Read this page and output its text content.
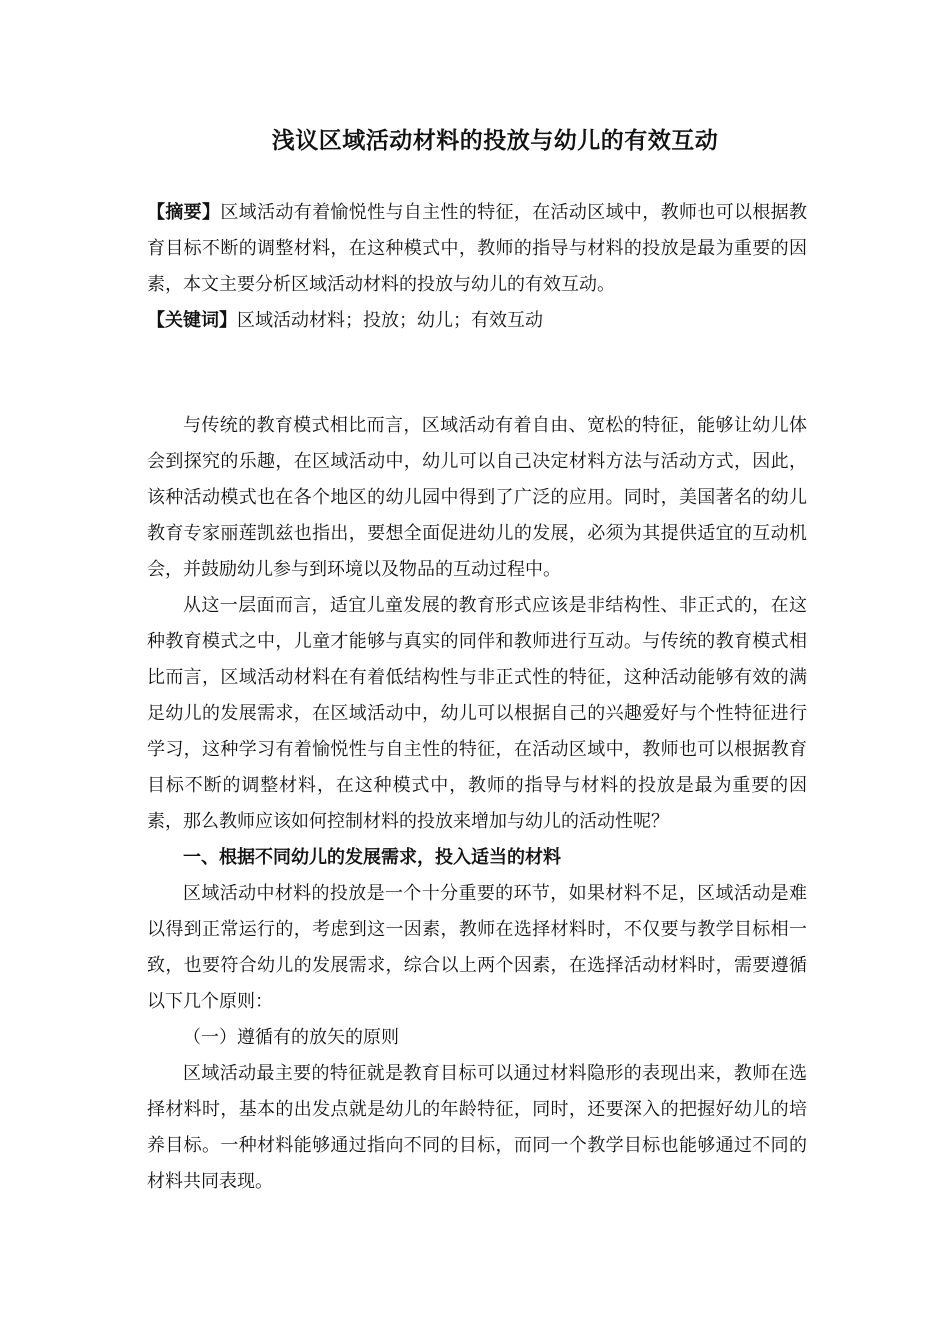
浅议区域活动材料的投放与幼儿的有效互动
【摘要】区域活动有着愉悦性与自主性的特征，在活动区域中，教师也可以根据教育目标不断的调整材料，在这种模式中，教师的指导与材料的投放是最为重要的因素，本文主要分析区域活动材料的投放与幼儿的有效互动。
【关键词】区域活动材料；投放；幼儿；有效互动

与传统的教育模式相比而言，区域活动有着自由、宽松的特征，能够让幼儿体会到探究的乐趣，在区域活动中，幼儿可以自己决定材料方法与活动方式，因此，该种活动模式也在各个地区的幼儿园中得到了广泛的应用。同时，美国著名的幼儿教育专家丽莲凯兹也指出，要想全面促进幼儿的发展，必须为其提供适宜的互动机会，并鼓励幼儿参与到环境以及物品的互动过程中。

从这一层面而言，适宜儿童发展的教育形式应该是非结构性、非正式的，在这种教育模式之中，儿童才能够与真实的同伴和教师进行互动。与传统的教育模式相比而言，区域活动材料在有着低结构性与非正式性的特征，这种活动能够有效的满足幼儿的发展需求，在区域活动中，幼儿可以根据自己的兴趣爱好与个性特征进行学习，这种学习有着愉悦性与自主性的特征，在活动区域中，教师也可以根据教育目标不断的调整材料，在这种模式中，教师的指导与材料的投放是最为重要的因素，那么教师应该如何控制材料的投放来增加与幼儿的活动性呢？

一、根据不同幼儿的发展需求，投入适当的材料

区域活动中材料的投放是一个十分重要的环节，如果材料不足，区域活动是难以得到正常运行的，考虑到这一因素，教师在选择材料时，不仅要与教学目标相一致，也要符合幼儿的发展需求，综合以上两个因素，在选择活动材料时，需要遵循以下几个原则：

（一）遵循有的放矢的原则

区域活动最主要的特征就是教育目标可以通过材料隐形的表现出来，教师在选择材料时，基本的出发点就是幼儿的年龄特征，同时，还要深入的把握好幼儿的培养目标。一种材料能够通过指向不同的目标，而同一个教学目标也能够通过不同的材料共同表现。
